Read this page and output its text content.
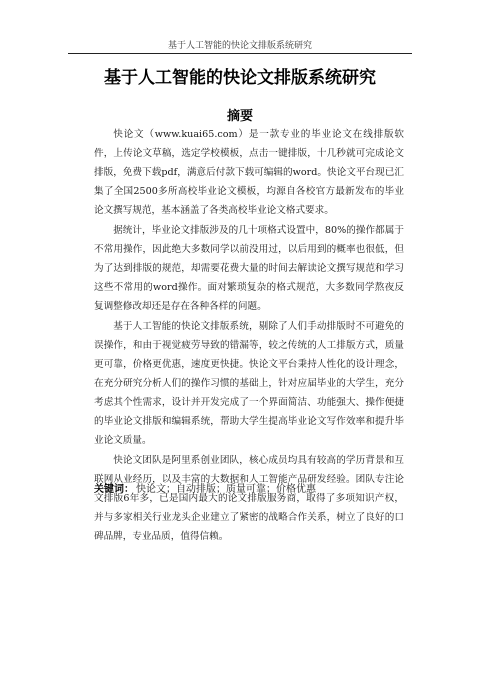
基于人工智能的快论文排版系统研究
基于人工智能的快论文排版系统研究
摘要

快论文（www.kuai65.com）是一款专业的毕业论文在线排版软件，上传论文草稿，选定学校模板，点击一键排版，十几秒就可完成论文排版，免费下载pdf，满意后付款下载可编辑的word。快论文平台现已汇集了全国2500多所高校毕业论文模板，均源自各校官方最新发布的毕业论文撰写规范，基本涵盖了各类高校毕业论文格式要求。

据统计，毕业论文排版涉及的几十项格式设置中，80%的操作都属于不常用操作，因此绝大多数同学以前没用过，以后用到的概率也很低，但为了达到排版的规范，却需要花费大量的时间去解读论文撰写规范和学习这些不常用的word操作。面对繁琐复杂的格式规范，大多数同学熬夜反复调整修改却还是存在各种各样的问题。

基于人工智能的快论文排版系统，剔除了人们手动排版时不可避免的误操作，和由于视觉疲劳导致的错漏等，较之传统的人工排版方式，质量更可靠，价格更优惠，速度更快捷。快论文平台秉持人性化的设计理念，在充分研究分析人们的操作习惯的基础上，针对应届毕业的大学生，充分考虑其个性需求，设计并开发完成了一个界面简洁、功能强大、操作便捷的毕业论文排版和编辑系统，帮助大学生提高毕业论文写作效率和提升毕业论文质量。

快论文团队是阿里系创业团队，核心成员均具有较高的学历背景和互联网从业经历，以及丰富的大数据和人工智能产品研发经验。团队专注论文排版6年多，已是国内最大的论文排版服务商，取得了多项知识产权，并与多家相关行业龙头企业建立了紧密的战略合作关系，树立了良好的口碑品牌，专业品质，值得信赖。

关键词： 快论文；自动排版；质量可靠；价格优惠
